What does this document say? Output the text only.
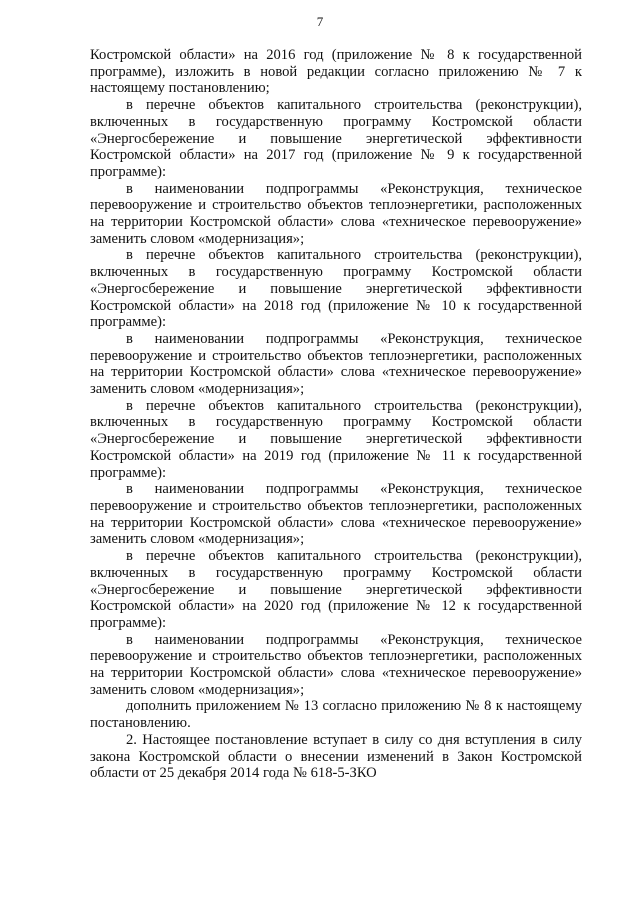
7

Костромской области» на 2016 год (приложение № 8 к государственной программе), изложить в новой редакции согласно приложению № 7 к настоящему постановлению;

в перечне объектов капитального строительства (реконструкции), включенных в государственную программу Костромской области «Энергосбережение и повышение энергетической эффективности Костромской области» на 2017 год (приложение № 9 к государственной программе):

в наименовании подпрограммы «Реконструкция, техническое перевооружение и строительство объектов теплоэнергетики, расположенных на территории Костромской области» слова «техническое перевооружение» заменить словом «модернизация»;

в перечне объектов капитального строительства (реконструкции), включенных в государственную программу Костромской области «Энергосбережение и повышение энергетической эффективности Костромской области» на 2018 год (приложение № 10 к государственной программе):

в наименовании подпрограммы «Реконструкция, техническое перевооружение и строительство объектов теплоэнергетики, расположенных на территории Костромской области» слова «техническое перевооружение» заменить словом «модернизация»;

в перечне объектов капитального строительства (реконструкции), включенных в государственную программу Костромской области «Энергосбережение и повышение энергетической эффективности Костромской области» на 2019 год (приложение № 11 к государственной программе):

в наименовании подпрограммы «Реконструкция, техническое перевооружение и строительство объектов теплоэнергетики, расположенных на территории Костромской области» слова «техническое перевооружение» заменить словом «модернизация»;

в перечне объектов капитального строительства (реконструкции), включенных в государственную программу Костромской области «Энергосбережение и повышение энергетической эффективности Костромской области» на 2020 год (приложение № 12 к государственной программе):

в наименовании подпрограммы «Реконструкция, техническое перевооружение и строительство объектов теплоэнергетики, расположенных на территории Костромской области» слова «техническое перевооружение» заменить словом «модернизация»;

дополнить приложением № 13 согласно приложению № 8 к настоящему постановлению.

2. Настоящее постановление вступает в силу со дня вступления в силу закона Костромской области о внесении изменений в Закон Костромской области от 25 декабря 2014 года № 618-5-ЗКО
